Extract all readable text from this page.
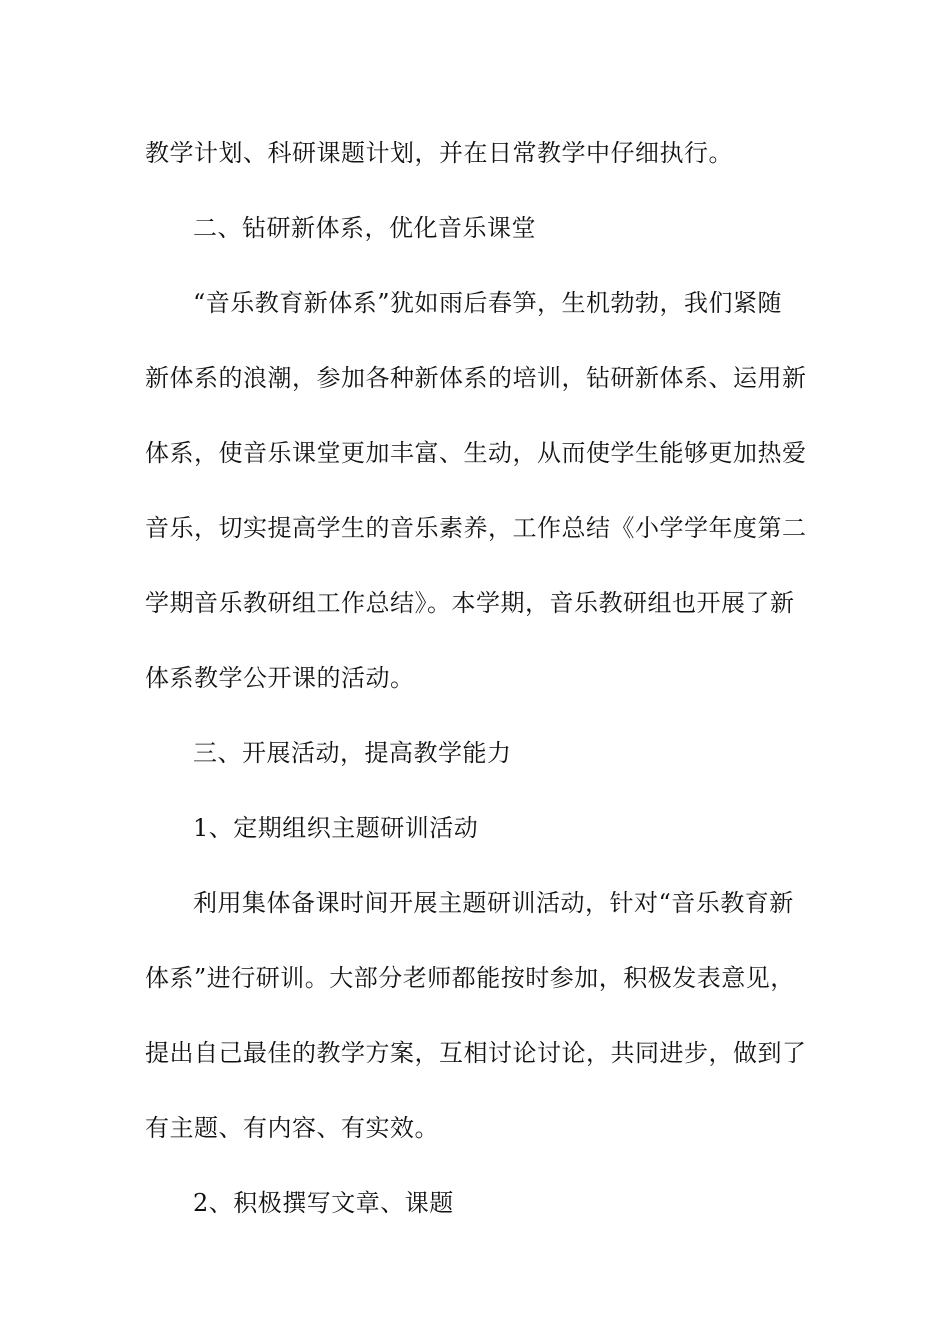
教学计划、科研课题计划，并在日常教学中仔细执行。
二、钻研新体系，优化音乐课堂
“音乐教育新体系”犹如雨后春笋，生机勃勃，我们紧随
新体系的浪潮，参加各种新体系的培训，钻研新体系、运用新
体系，使音乐课堂更加丰富、生动，从而使学生能够更加热爱
音乐，切实提高学生的音乐素养，工作总结《小学学年度第二
学期音乐教研组工作总结》。本学期，音乐教研组也开展了新
体系教学公开课的活动。
三、开展活动，提高教学能力
1、定期组织主题研训活动
利用集体备课时间开展主题研训活动，针对“音乐教育新
体系”进行研训。大部分老师都能按时参加，积极发表意见，
提出自己最佳的教学方案，互相讨论讨论，共同进步，做到了
有主题、有内容、有实效。
2、积极撰写文章、课题
